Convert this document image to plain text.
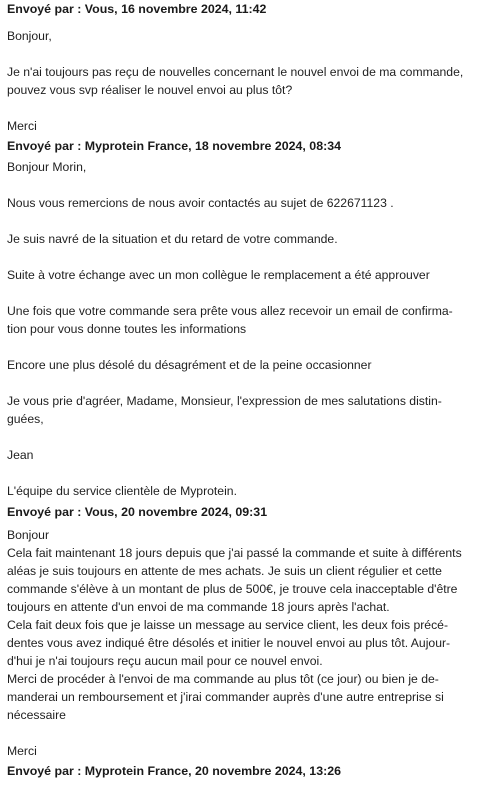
Envoyé par : Vous, 16 novembre 2024, 11:42

Bonjour,

Je n'ai toujours pas reçu de nouvelles concernant le nouvel envoi de ma commande,
pouvez vous svp réaliser le nouvel envoi au plus tôt?

Merci

Envoyé par : Myprotein France, 18 novembre 2024, 08:34

Bonjour Morin,

Nous vous remercions de nous avoir contactés au sujet de 622671123 .

Je suis navré de la situation et du retard de votre commande.

Suite à votre échange avec un mon collègue le remplacement a été approuver

Une fois que votre commande sera prête vous allez recevoir un email de confirma-
tion pour vous donne toutes les informations

Encore une plus désolé du désagrément et de la peine occasionner

Je vous prie d'agréer, Madame, Monsieur, l'expression de mes salutations distin-
guées,

Jean

L'équipe du service clientèle de Myprotein.

Envoyé par : Vous, 20 novembre 2024, 09:31

Bonjour
Cela fait maintenant 18 jours depuis que j'ai passé la commande et suite à différents
aléas je suis toujours en attente de mes achats. Je suis un client régulier et cette
commande s'élève à un montant de plus de 500€, je trouve cela inacceptable d'être
toujours en attente d'un envoi de ma commande 18 jours après l'achat.
Cela fait deux fois que je laisse un message au service client, les deux fois précé-
dentes vous avez indiqué être désolés et initier le nouvel envoi au plus tôt. Aujour-
d'hui je n'ai toujours reçu aucun mail pour ce nouvel envoi.
Merci de procéder à l'envoi de ma commande au plus tôt (ce jour) ou bien je de-
manderai un remboursement et j'irai commander auprès d'une autre entreprise si
nécessaire

Merci

Envoyé par : Myprotein France, 20 novembre 2024, 13:26
